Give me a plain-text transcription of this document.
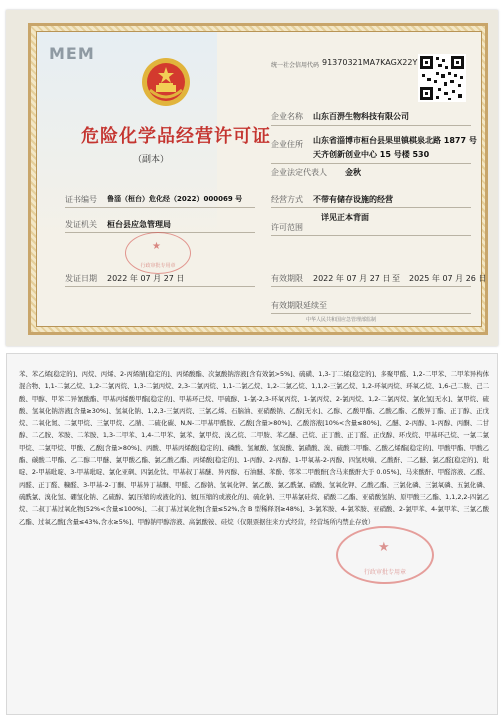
MEM
危险化学品经营许可证
（副本）
统一社会信用代码 91370321MA7KAGX22Y
企业名称 山东百淠生物科技有限公司
企业住所 山东省淄博市桓台县果里镇棋泉北路 1877 号
天齐创新创业中心 15 号楼 530
企业法定代表人 金秋
证书编号 鲁淄（桓台）危化经（2022）000069 号	经营方式 不带有储存设施的经营
发证机关 桓台县应急管理局
详见正本背面
许可范围
★
行政审批专用章
发证日期 2022 年 07 月 27 日	有效期限 2022 年 07 月 27 日 至 2025 年 07 月 26 日
有效期限延续至
中华人民共和国应急管理部监制
苯、苯乙烯[稳定的]、丙烷、丙烯、2-丙烯腈[稳定的]、丙烯酸酯、次氯酸钠溶液[含有效氯>5%]、硫磺、1,3-丁二烯[稳定的]、多聚甲醛、1,2-二甲苯、二甲苯异构体混合物、1,1-二氯乙烷、1,2-二氯丙烷、1,3-二氯丙烷、2,3-二氯丙烷、1,1-二氯乙烷、1,2-二氯乙烷、1,1,2-三氯乙烷、1,2-环氧丙烷、环氧乙烷、1,6-己二胺、己二酸、甲醇、甲苯二异氰酸酯、甲基丙烯酸甲酯[稳定的]、甲基环己烷、甲硫醇、1-氯-2,3-环氧丙烷、1-氯丙烷、2-氯丙烷、1,2-二氯丙烷、氯化氢[无水]、氯甲烷、硫酸、氢氧化钠溶液[含量≥30%]、氢氧化钠、1,2,3-三氯丙烷、三氯乙烯、石脑油、亚硝酸钠、乙醇[无水]、乙醇、乙酸甲酯、乙酸乙酯、乙酸异丁酯、正丁醇、正戊烷、二氧化氮、二氯甲烷、三氯甲烷、乙腈、二硫化碳、N,N-二甲基甲酰胺、乙酸[含量>80%]、乙酸溶液[10%<含量≤80%]、乙醚、2-丙醇、1-丙醇、丙酮、二甘醇、二乙胺、苯胺、二苯胺、1,3-二甲苯、1,4-二甲苯、氯苯、氯甲烷、溴乙烷、二甲胺、苯乙醚、己烷、正丁酸、正丁醛、正戊醇、环戊烷、甲基环己烷、一氯二氯甲烷、二氯甲烷、甲酸、乙酸[含量>80%]、丙酸、甲基丙烯酸[稳定的]、磷酸、氢氟酸、氢溴酸、氯磺酸、溴、硫酸二甲酯、乙酸乙烯酯[稳定的]、甲酸甲酯、甲酸乙酯、碳酸二甲酯、乙二醇二甲醚、氯甲酸乙酯、氯乙酸乙酯、丙烯酸[稳定的]、1-丙醇、2-丙醇、1-甲氧基-2-丙醇、四氢呋喃、乙酸酐、二乙醚、氯乙醛[稳定的]、吡啶、2-甲基吡啶、3-甲基吡啶、氯化亚砜、四氯化钛、甲基叔丁基醚、异丙醇、石油醚、苯酚、邻苯二甲酸酐[含马来酸酐大于 0.05%]、马来酸酐、甲醛溶液、乙醛、丙醛、正丁醛、糠醛、3-甲基-2-丁酮、甲基异丁基酮、甲醛、乙醇钠、氢氧化钾、氯乙酸、氯乙酰氯、硝酸、氢氧化钾、乙酸乙酯、三氯化磷、三氯氧磷、五氯化磷、硫酰氯、溴化氢、硼氢化钠、乙硫醇、氯[压缩的或液化的]、氨[压缩的或液化的]、硫化钠、三甲基氯硅烷、硝酸二乙酯、亚硝酸氢钠、原甲酸三乙酯、1,1,2,2-四氯乙烷、二叔丁基过氧化物[52%<含量≤100%]、二叔丁基过氧化物[含量≤52%,含 B 型稀释剂≥48%]、3-氯苯胺、4-氯苯胺、亚硝酸、2-氯甲苯、4-氯甲苯、三氯乙酸乙酯、过氧乙酸[含量≤43%,含水≥5%]、甲醇钠甲醇溶液、高氯酸铵、硅烷（仅限票据往来方式经营，经营场所内禁止存放）
★
行政审批专用章
